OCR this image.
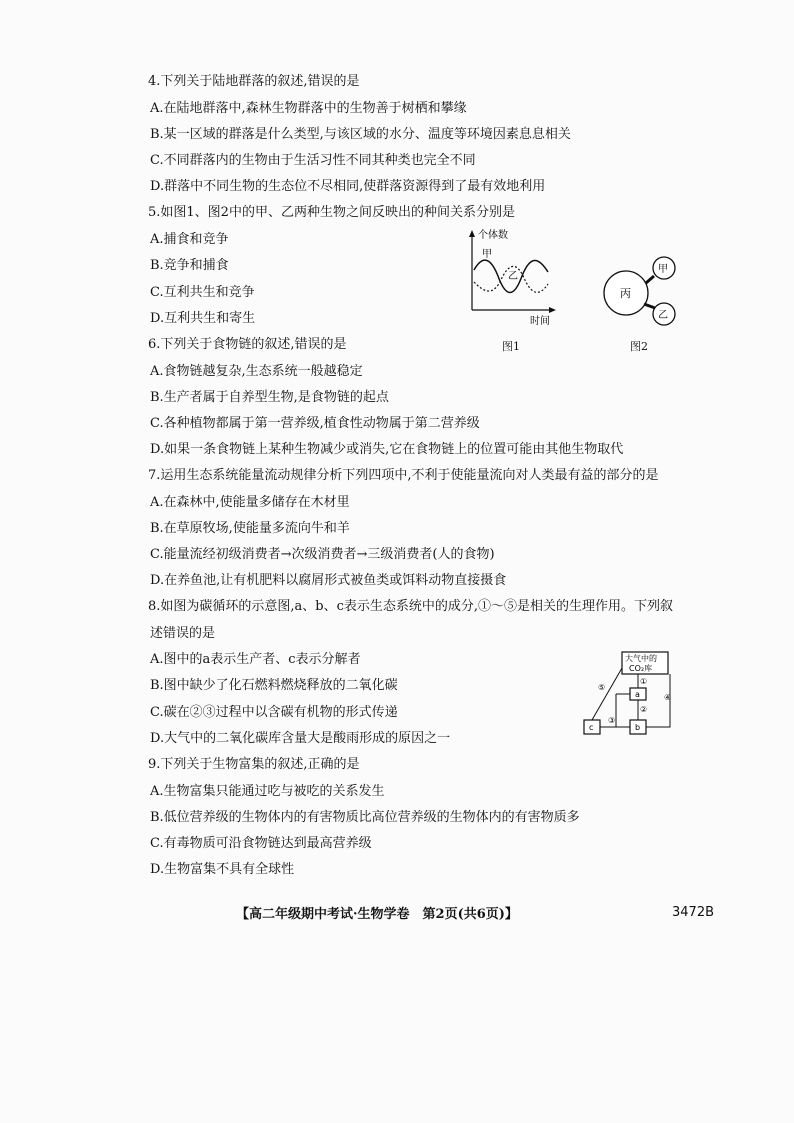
4.下列关于陆地群落的叙述,错误的是
A.在陆地群落中,森林生物群落中的生物善于树栖和攀缘
B.某一区域的群落是什么类型,与该区域的水分、温度等环境因素息息相关
C.不同群落内的生物由于生活习性不同其种类也完全不同
D.群落中不同生物的生态位不尽相同,使群落资源得到了最有效地利用
5.如图1、图2中的甲、乙两种生物之间反映出的种间关系分别是
A.捕食和竞争
B.竞争和捕食
C.互利共生和竞争
D.互利共生和寄生
个体数
甲
乙
时间
图1
丙
甲
乙
图2
6.下列关于食物链的叙述,错误的是
A.食物链越复杂,生态系统一般越稳定
B.生产者属于自养型生物,是食物链的起点
C.各种植物都属于第一营养级,植食性动物属于第二营养级
D.如果一条食物链上某种生物减少或消失,它在食物链上的位置可能由其他生物取代
7.运用生态系统能量流动规律分析下列四项中,不利于使能量流向对人类最有益的部分的是
A.在森林中,使能量多储存在木材里
B.在草原牧场,使能量多流向牛和羊
C.能量流经初级消费者→次级消费者→三级消费者(人的食物)
D.在养鱼池,让有机肥料以腐屑形式被鱼类或饵料动物直接摄食
8.如图为碳循环的示意图,a、b、c表示生态系统中的成分,①～⑤是相关的生理作用。下列叙
述错误的是
A.图中的a表示生产者、c表示分解者
B.图中缺少了化石燃料燃烧释放的二氧化碳
C.碳在②③过程中以含碳有机物的形式传递
D.大气中的二氧化碳库含量大是酸雨形成的原因之一
大气中的
CO₂库
a
b
c
①
②
③
④
⑤
9.下列关于生物富集的叙述,正确的是
A.生物富集只能通过吃与被吃的关系发生
B.低位营养级的生物体内的有害物质比高位营养级的生物体内的有害物质多
C.有毒物质可沿食物链达到最高营养级
D.生物富集不具有全球性
【高二年级期中考试·生物学卷　第2页(共6页)】	3472B
